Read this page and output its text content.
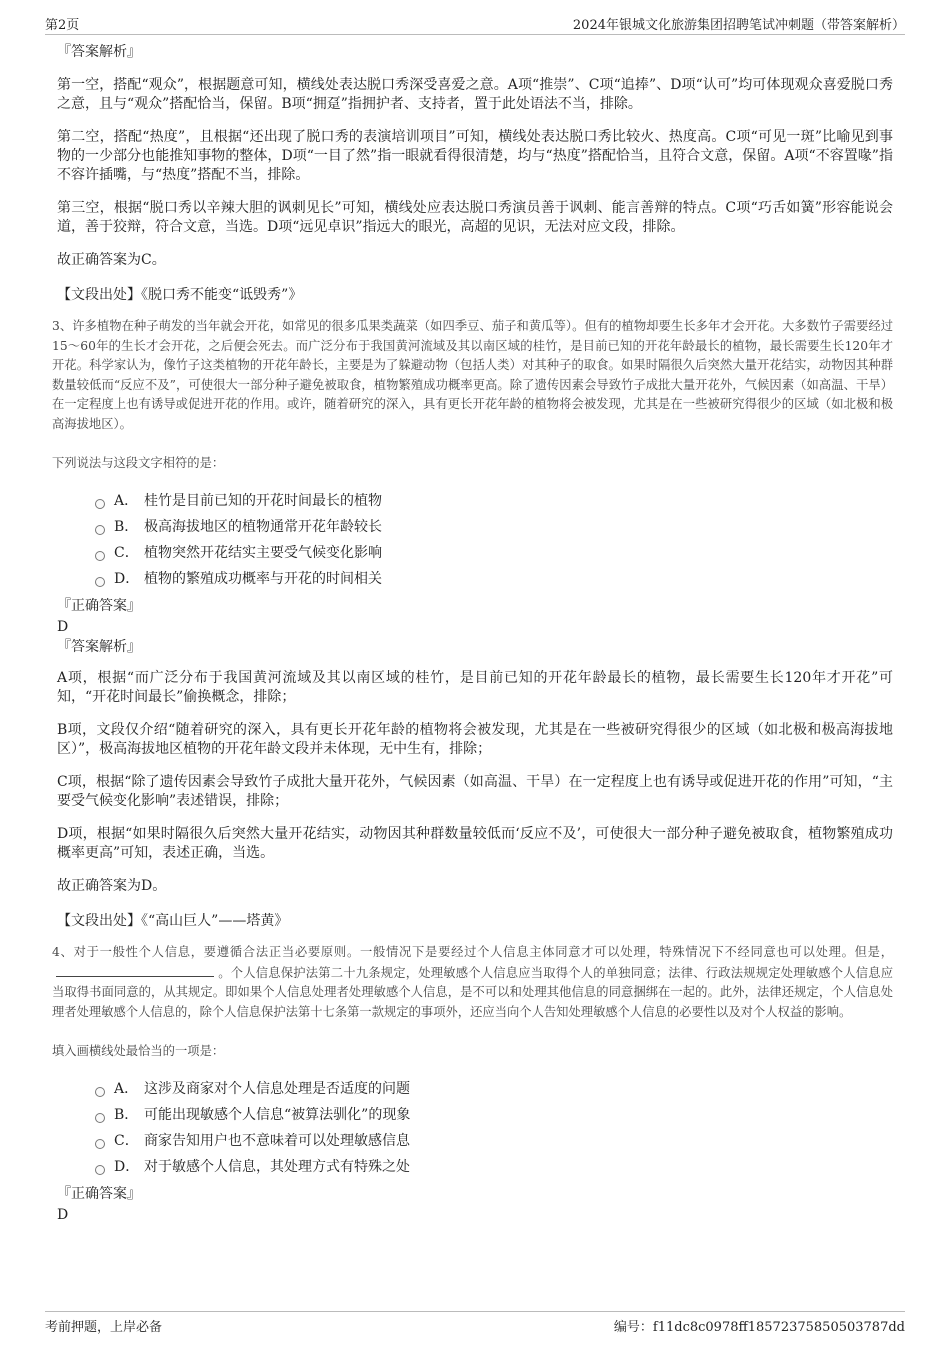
第2页	2024年银城文化旅游集团招聘笔试冲刺题（带答案解析）

『答案解析』

第一空，搭配“观众”，根据题意可知，横线处表达脱口秀深受喜爱之意。A项“推崇”、C项“追捧”、D项“认可”均可体现观众喜爱脱口秀之意，且与“观众”搭配恰当，保留。B项“拥趸”指拥护者、支持者，置于此处语法不当，排除。

第二空，搭配“热度”，且根据“还出现了脱口秀的表演培训项目”可知，横线处表达脱口秀比较火、热度高。C项“可见一斑”比喻见到事物的一少部分也能推知事物的整体，D项“一目了然”指一眼就看得很清楚，均与“热度”搭配恰当，且符合文意，保留。A项“不容置喙”指不容许插嘴，与“热度”搭配不当，排除。

第三空，根据“脱口秀以辛辣大胆的讽刺见长”可知，横线处应表达脱口秀演员善于讽刺、能言善辩的特点。C项“巧舌如簧”形容能说会道，善于狡辩，符合文意，当选。D项“远见卓识”指远大的眼光，高超的见识，无法对应文段，排除。

故正确答案为C。

【文段出处】《脱口秀不能变“诋毁秀”》

3、许多植物在种子萌发的当年就会开花，如常见的很多瓜果类蔬菜（如四季豆、茄子和黄瓜等）。但有的植物却要生长多年才会开花。大多数竹子需要经过15～60年的生长才会开花，之后便会死去。而广泛分布于我国黄河流域及其以南区域的桂竹，是目前已知的开花年龄最长的植物，最长需要生长120年才开花。科学家认为，像竹子这类植物的开花年龄长，主要是为了躲避动物（包括人类）对其种子的取食。如果时隔很久后突然大量开花结实，动物因其种群数量较低而“反应不及”，可使很大一部分种子避免被取食，植物繁殖成功概率更高。除了遗传因素会导致竹子成批大量开花外，气候因素（如高温、干旱）在一定程度上也有诱导或促进开花的作用。或许，随着研究的深入，具有更长开花年龄的植物将会被发现，尤其是在一些被研究得很少的区域（如北极和极高海拔地区）。

下列说法与这段文字相符的是：

A． 桂竹是目前已知的开花时间最长的植物
B． 极高海拔地区的植物通常开花年龄较长
C． 植物突然开花结实主要受气候变化影响
D． 植物的繁殖成功概率与开花的时间相关

『正确答案』

D

『答案解析』

A项，根据“而广泛分布于我国黄河流域及其以南区域的桂竹，是目前已知的开花年龄最长的植物，最长需要生长120年才开花”可知，“开花时间最长”偷换概念，排除；

B项，文段仅介绍“随着研究的深入，具有更长开花年龄的植物将会被发现，尤其是在一些被研究得很少的区域（如北极和极高海拔地区）”，极高海拔地区植物的开花年龄文段并未体现，无中生有，排除；

C项，根据“除了遗传因素会导致竹子成批大量开花外，气候因素（如高温、干旱）在一定程度上也有诱导或促进开花的作用”可知，“主要受气候变化影响”表述错误，排除；

D项，根据“如果时隔很久后突然大量开花结实，动物因其种群数量较低而‘反应不及’，可使很大一部分种子避免被取食，植物繁殖成功概率更高”可知，表述正确，当选。

故正确答案为D。

【文段出处】《“高山巨人”——塔黄》

4、对于一般性个人信息，要遵循合法正当必要原则。一般情况下是要经过个人信息主体同意才可以处理，特殊情况下不经同意也可以处理。但是，。个人信息保护法第二十九条规定，处理敏感个人信息应当取得个人的单独同意；法律、行政法规规定处理敏感个人信息应当取得书面同意的，从其规定。即如果个人信息处理者处理敏感个人信息，是不可以和处理其他信息的同意捆绑在一起的。此外，法律还规定，个人信息处理者处理敏感个人信息的，除个人信息保护法第十七条第一款规定的事项外，还应当向个人告知处理敏感个人信息的必要性以及对个人权益的影响。

填入画横线处最恰当的一项是：

A． 这涉及商家对个人信息处理是否适度的问题
B． 可能出现敏感个人信息“被算法驯化”的现象
C． 商家告知用户也不意味着可以处理敏感信息
D． 对于敏感个人信息，其处理方式有特殊之处

『正确答案』

D

考前押题，上岸必备	编号：f11dc8c0978ff18572375850503787dd
